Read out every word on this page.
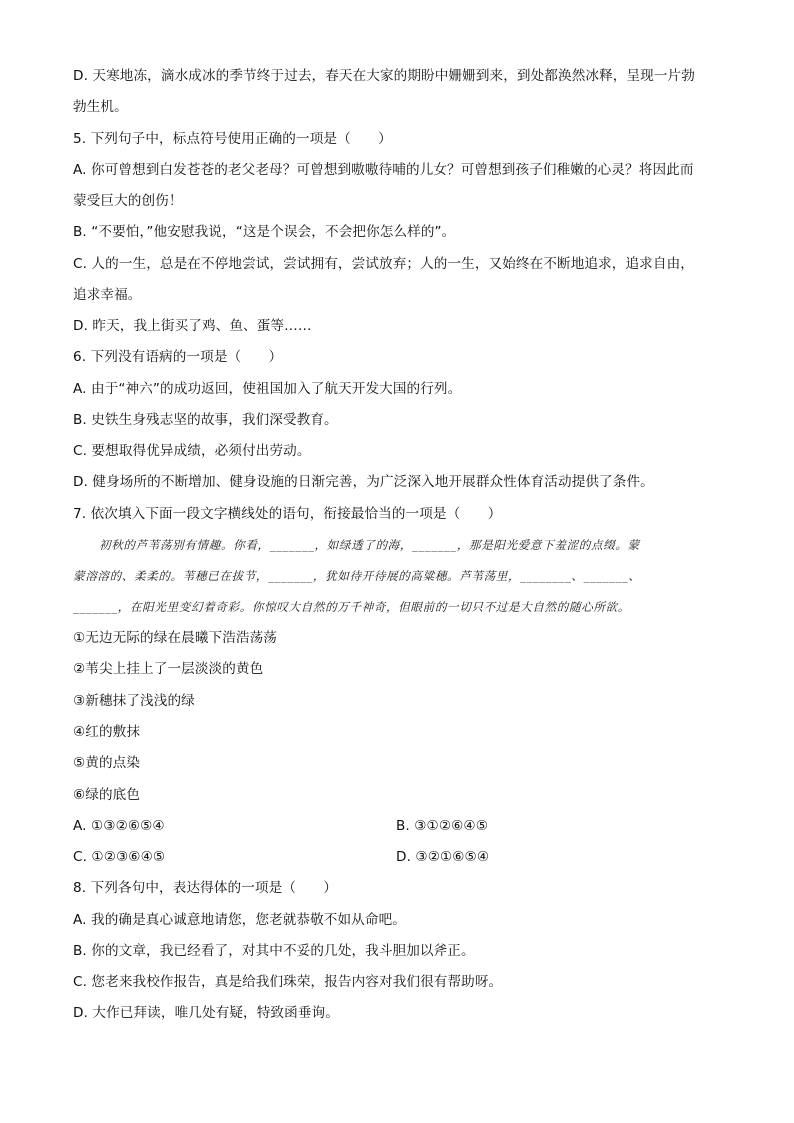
D. 天寒地冻，滴水成冰的季节终于过去，春天在大家的期盼中姗姗到来，到处都涣然冰释，呈现一片勃
勃生机。
5. 下列句子中，标点符号使用正确的一项是（　　）
A. 你可曾想到白发苍苍的老父老母？可曾想到嗷嗷待哺的儿女？可曾想到孩子们稚嫩的心灵？将因此而
蒙受巨大的创伤！
B. “不要怕，”他安慰我说，“这是个误会，不会把你怎么样的”。
C. 人的一生，总是在不停地尝试，尝试拥有，尝试放弃；人的一生，又始终在不断地追求，追求自由，
追求幸福。
D. 昨天，我上街买了鸡、鱼、蛋等……
6. 下列没有语病的一项是（　　）
A. 由于“神六”的成功返回，使祖国加入了航天开发大国的行列。
B. 史铁生身残志坚的故事，我们深受教育。
C. 要想取得优异成绩，必须付出劳动。
D. 健身场所的不断增加、健身设施的日渐完善，为广泛深入地开展群众性体育活动提供了条件。
7. 依次填入下面一段文字横线处的语句，衔接最恰当的一项是（　　）
初秋的芦苇荡别有情趣。你看，_______，如绿透了的海，_______，那是阳光爱意下羞涩的点缀。蒙
蒙溶溶的、柔柔的。苇穗已在拔节，_______，犹如待开待展的高粱穗。芦苇荡里，________、_______、
_______，在阳光里变幻着奇彩。你惊叹大自然的万千神奇，但眼前的一切只不过是大自然的随心所欲。
①无边无际的绿在晨曦下浩浩荡荡
②苇尖上挂上了一层淡淡的黄色
③新穗抹了浅浅的绿
④红的敷抹
⑤黄的点染
⑥绿的底色
A. ①③②⑥⑤④	B. ③①②⑥④⑤
C. ①②③⑥④⑤	D. ③②①⑥⑤④
8. 下列各句中，表达得体的一项是（　　）
A. 我的确是真心诚意地请您，您老就恭敬不如从命吧。
B. 你的文章，我已经看了，对其中不妥的几处，我斗胆加以斧正。
C. 您老来我校作报告，真是给我们珠荣，报告内容对我们很有帮助呀。
D. 大作已拜读，唯几处有疑，特致函垂询。
